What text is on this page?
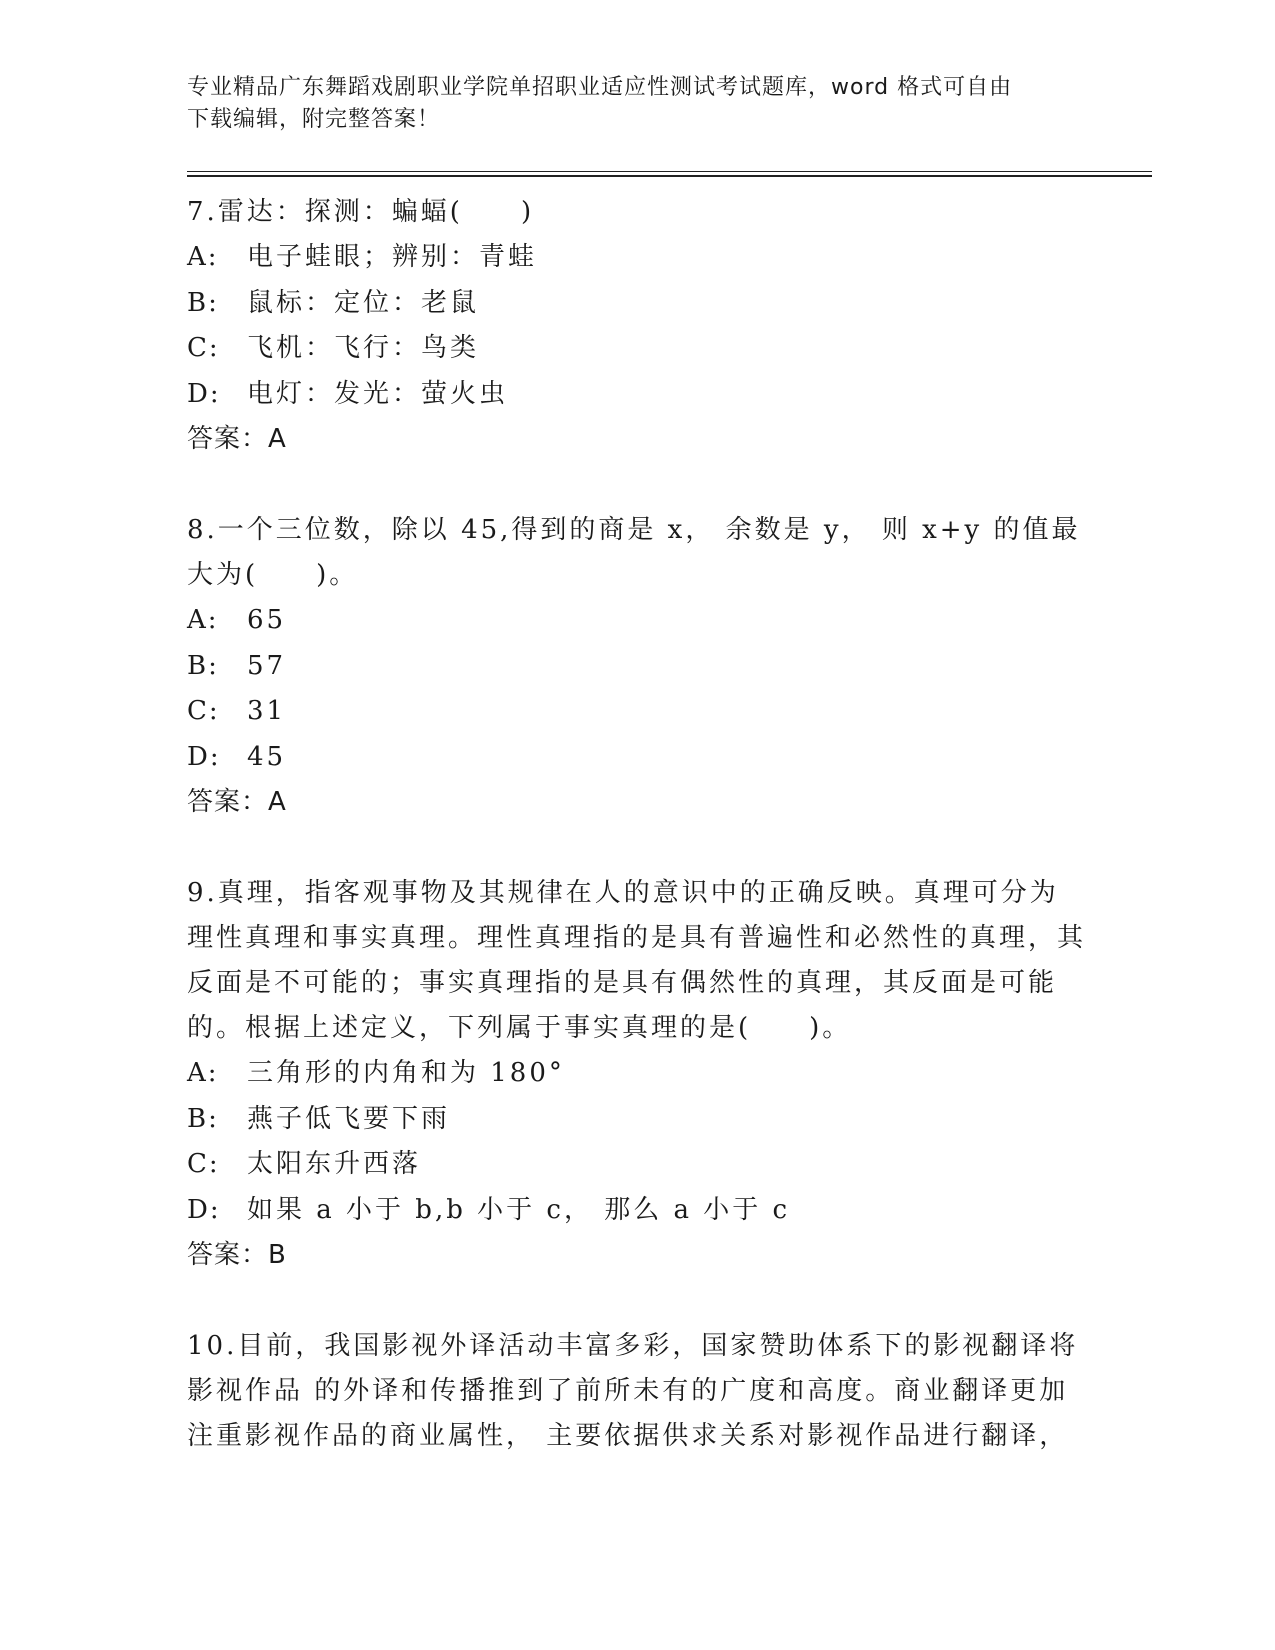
专业精品广东舞蹈戏剧职业学院单招职业适应性测试考试题库，word 格式可自由
下载编辑，附完整答案！
7.雷达：探测：蝙蝠(　　)
A:	电子蛙眼；辨别：青蛙
B:	鼠标：定位：老鼠
C:	飞机：飞行：鸟类
D:	电灯：发光：萤火虫
答案：A
8.一个三位数，除以 45,得到的商是 x， 余数是 y， 则 x+y 的值最大为(　　)。
A:	65
B:	57
C:	31
D:	45
答案：A
9.真理，指客观事物及其规律在人的意识中的正确反映。真理可分为理性真理和事实真理。理性真理指的是具有普遍性和必然性的真理，其反面是不可能的；事实真理指的是具有偶然性的真理，其反面是可能的。根据上述定义，下列属于事实真理的是(　　)。
A:	三角形的内角和为 180°
B:	燕子低飞要下雨
C:	太阳东升西落
D:	如果 a 小于 b,b 小于 c， 那么 a 小于 c
答案：B
10.目前，我国影视外译活动丰富多彩，国家赞助体系下的影视翻译将影视作品 的外译和传播推到了前所未有的广度和高度。商业翻译更加注重影视作品的商业属性， 主要依据供求关系对影视作品进行翻译，
